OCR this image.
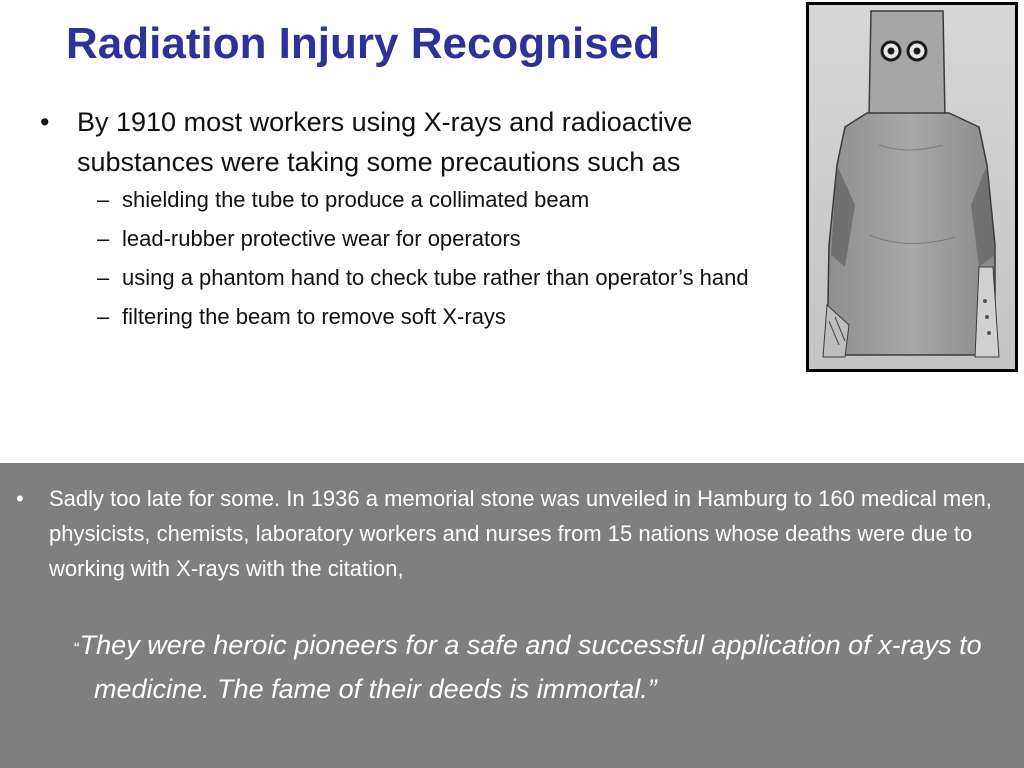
Radiation Injury Recognised
• By 1910 most workers using X-rays and radioactive substances were taking some precautions such as
– shielding the tube to produce a collimated beam
– lead-rubber protective wear for operators
– using a phantom hand to check tube rather than operator’s hand
– filtering the beam to remove soft X-rays
• Sadly too late for some. In 1936 a memorial stone was unveiled in Hamburg to 160 medical men, physicists, chemists, laboratory workers and nurses from 15 nations whose deaths were due to working with X-rays with the citation,

“They were heroic pioneers for a safe and successful application of x-rays to medicine. The fame of their deeds is immortal.”
